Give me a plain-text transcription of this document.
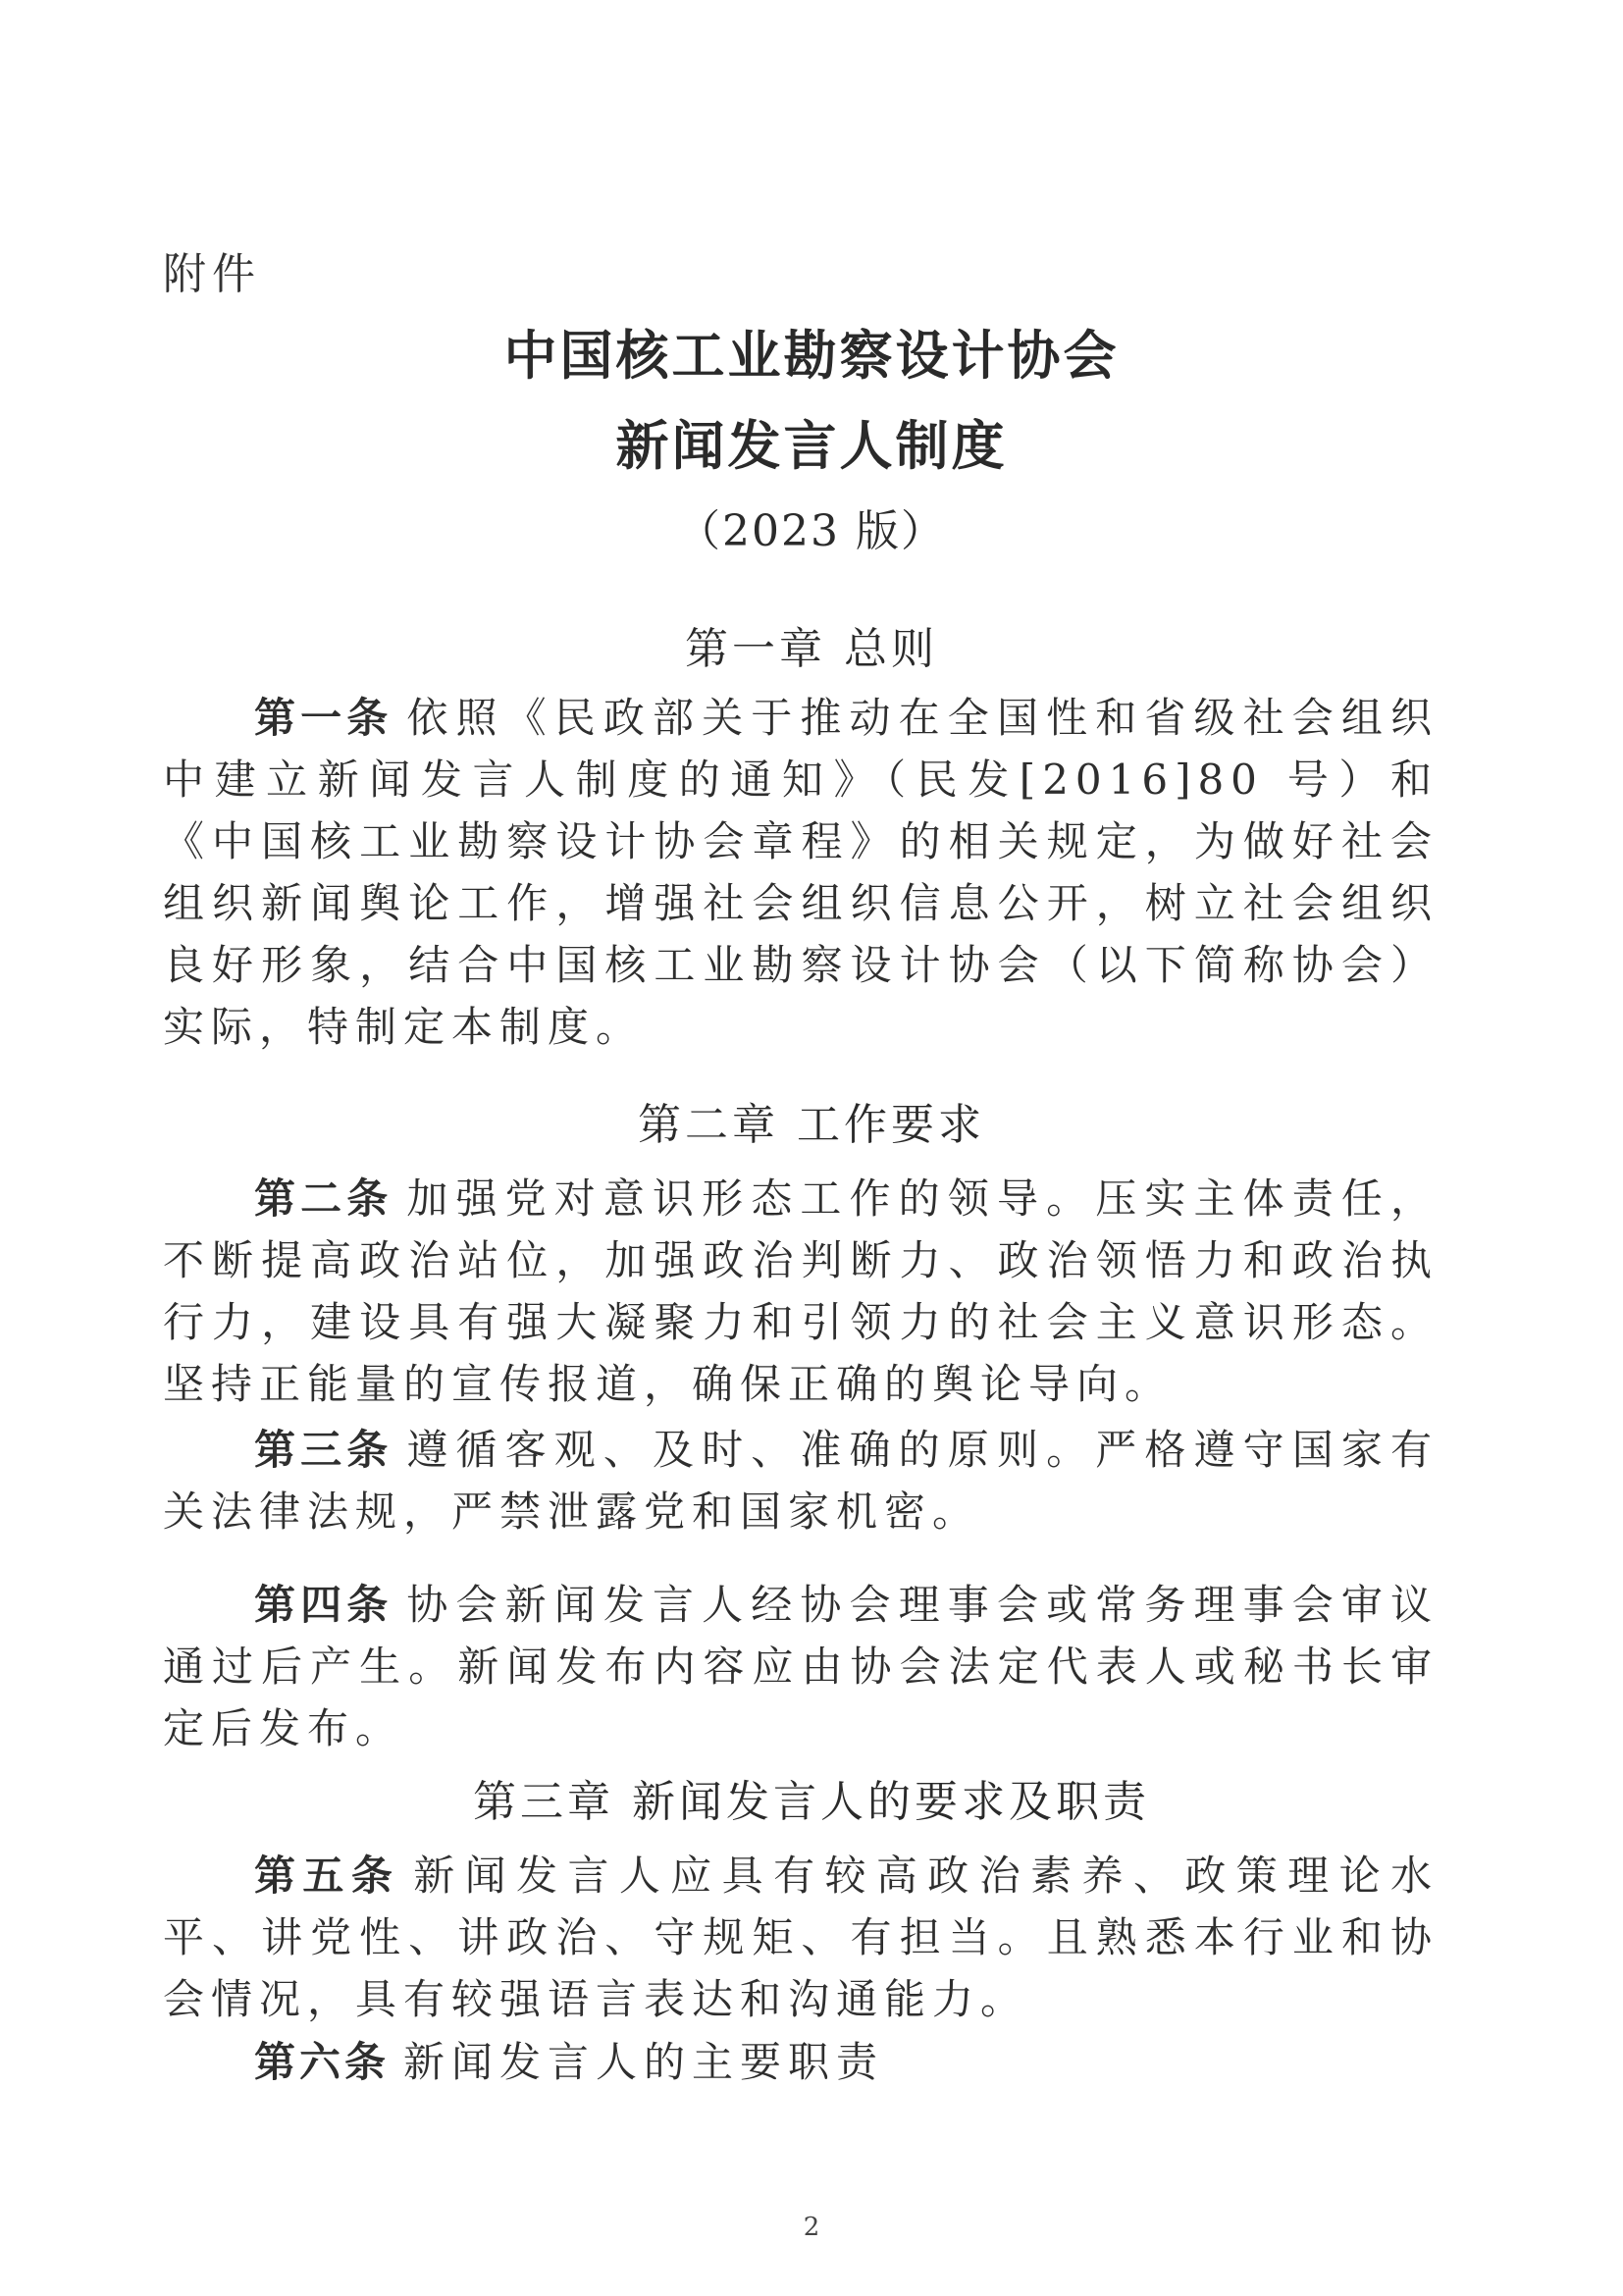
附件
中国核工业勘察设计协会
新闻发言人制度
（2023 版）
第一章 总则
第一条 依照《民政部关于推动在全国性和省级社会组织中建立新闻发言人制度的通知》（民发[2016]80 号）和《中国核工业勘察设计协会章程》的相关规定，为做好社会组织新闻舆论工作，增强社会组织信息公开，树立社会组织良好形象，结合中国核工业勘察设计协会（以下简称协会）实际，特制定本制度。
第二章 工作要求
第二条 加强党对意识形态工作的领导。压实主体责任，不断提高政治站位，加强政治判断力、政治领悟力和政治执行力，建设具有强大凝聚力和引领力的社会主义意识形态。坚持正能量的宣传报道，确保正确的舆论导向。
第三条 遵循客观、及时、准确的原则。严格遵守国家有关法律法规，严禁泄露党和国家机密。
第四条 协会新闻发言人经协会理事会或常务理事会审议通过后产生。新闻发布内容应由协会法定代表人或秘书长审定后发布。
第三章 新闻发言人的要求及职责
第五条 新闻发言人应具有较高政治素养、政策理论水平、讲党性、讲政治、守规矩、有担当。且熟悉本行业和协会情况，具有较强语言表达和沟通能力。
第六条 新闻发言人的主要职责
2
